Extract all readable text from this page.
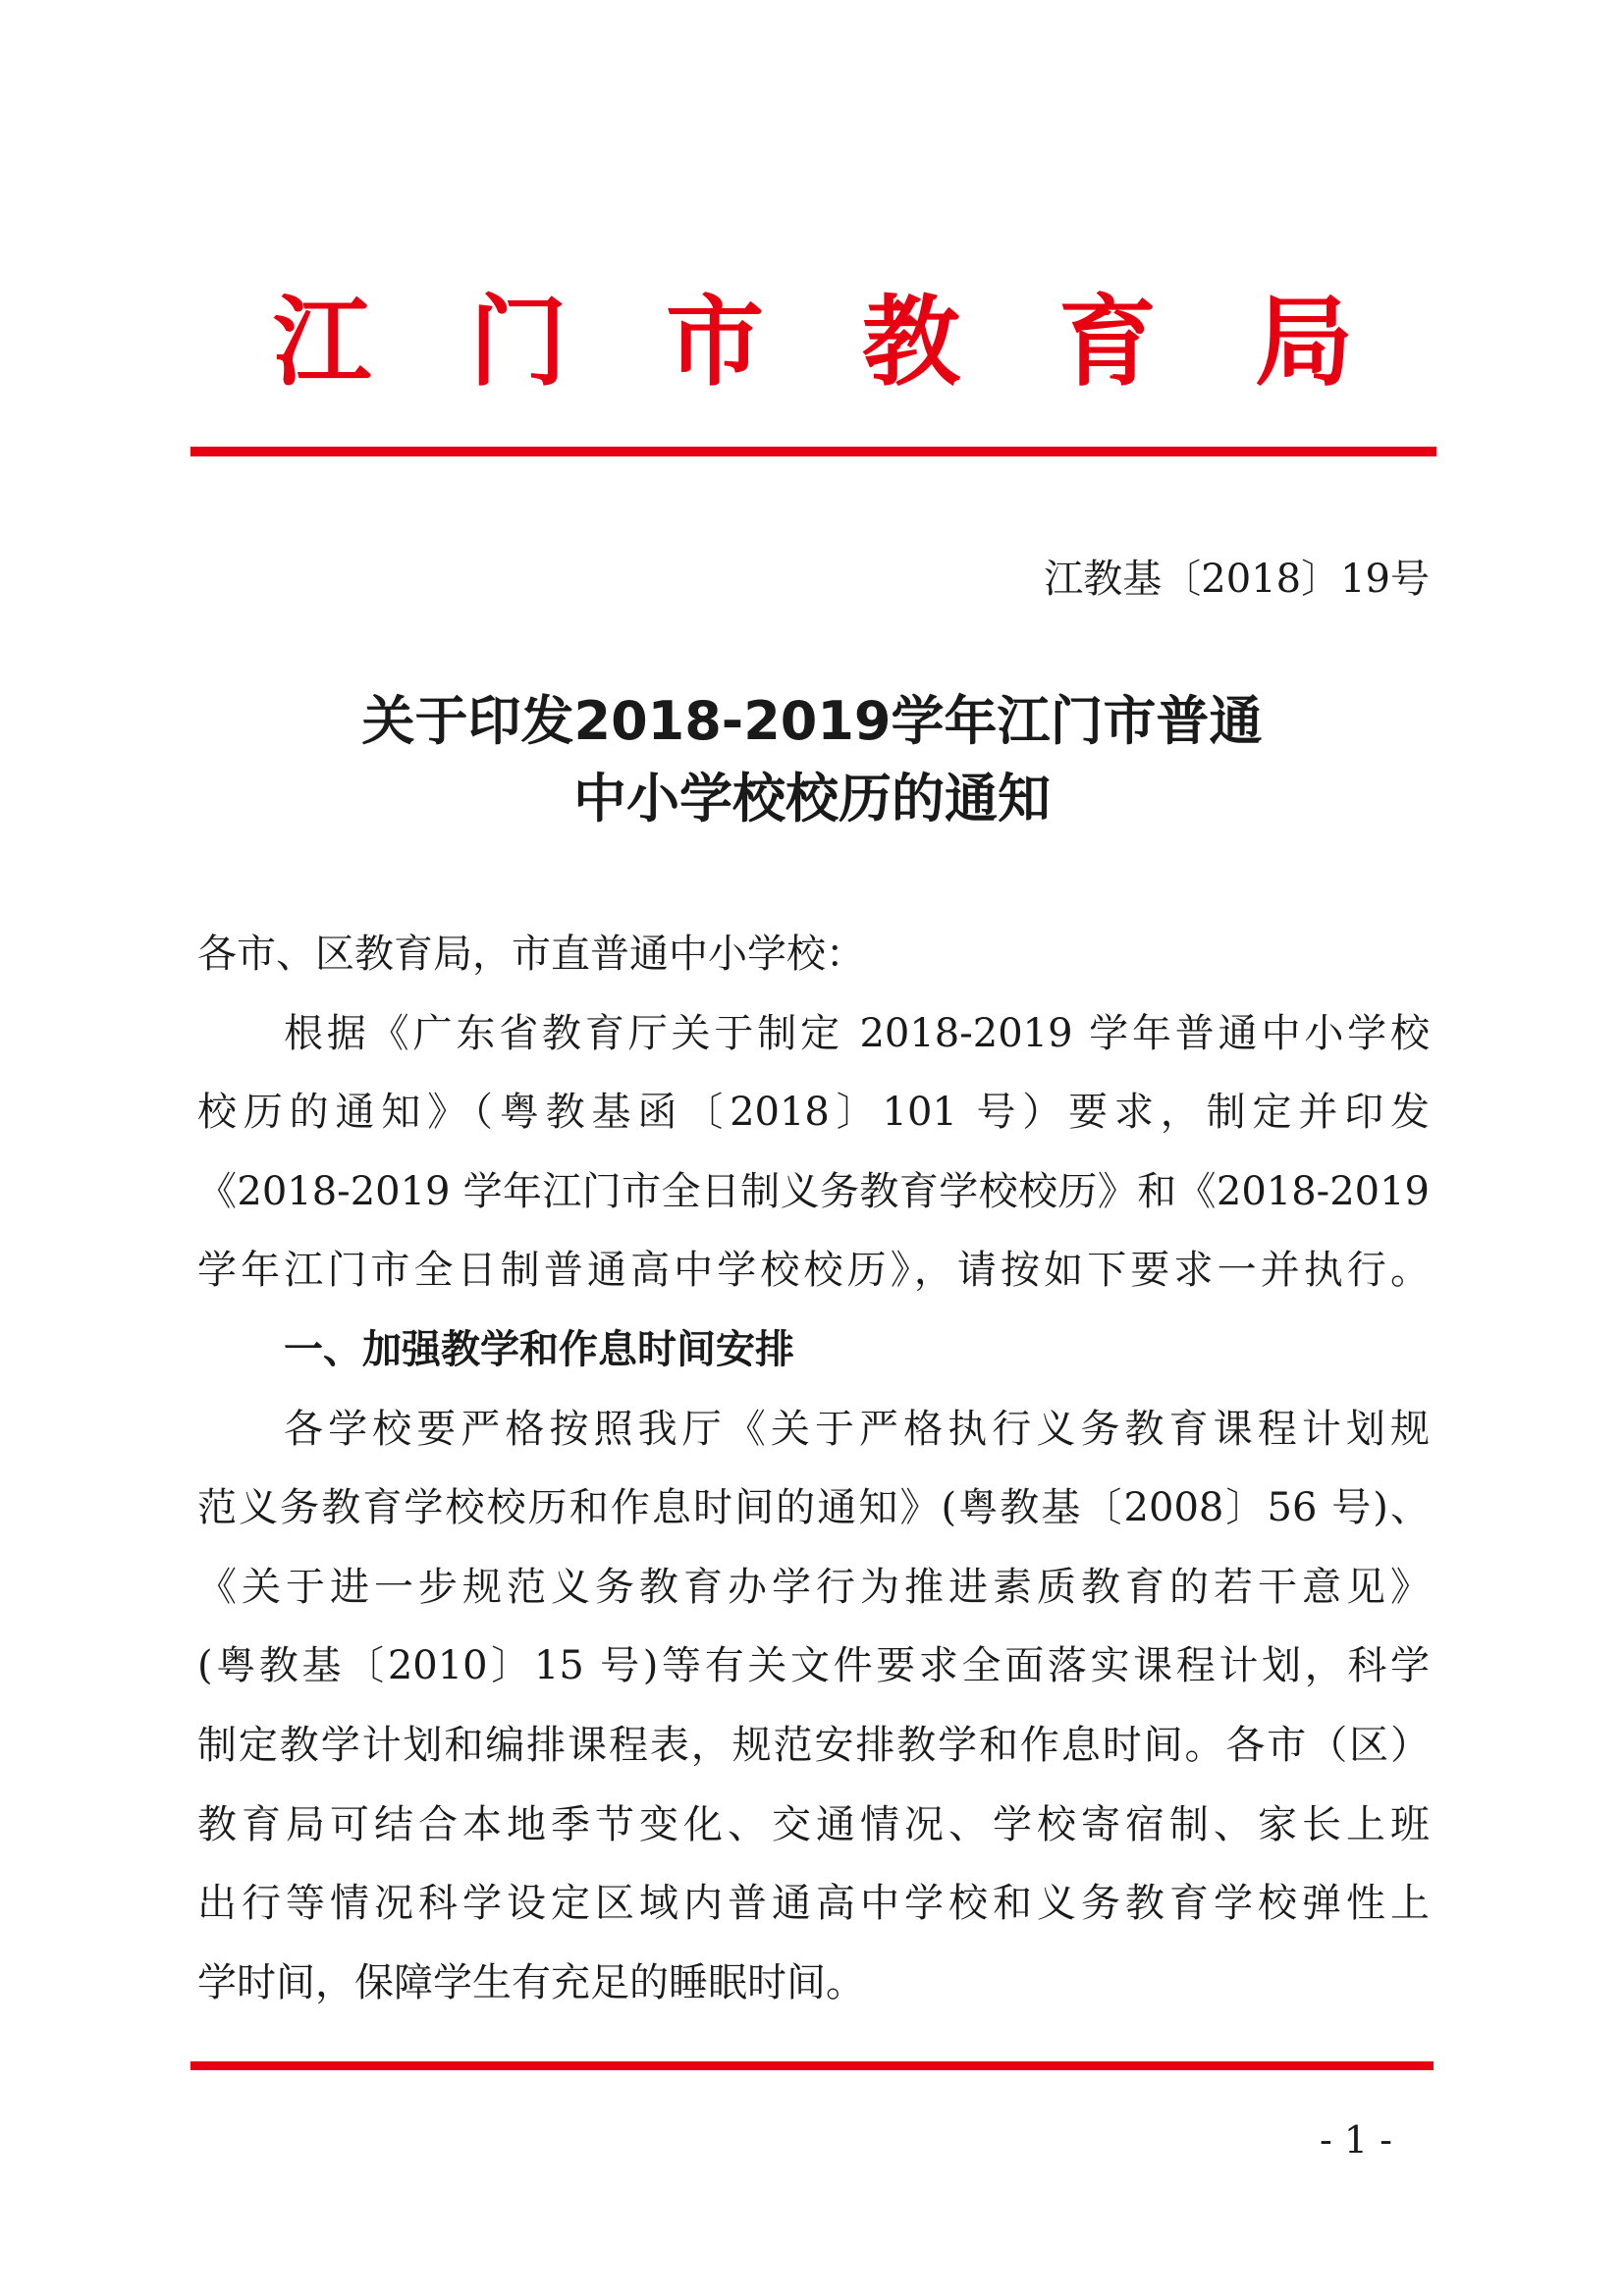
江门市教育局
江教基〔2018〕19号
关于印发2018-2019学年江门市普通
中小学校校历的通知
各市、区教育局，市直普通中小学校：
根据《广东省教育厅关于制定 2018-2019 学年普通中小学校
校历的通知》（粤教基函〔2018〕101 号）要求，制定并印发
《2018-2019 学年江门市全日制义务教育学校校历》和《2018-2019
学年江门市全日制普通高中学校校历》，请按如下要求一并执行。
一、加强教学和作息时间安排
各学校要严格按照我厅《关于严格执行义务教育课程计划规
范义务教育学校校历和作息时间的通知》(粤教基〔2008〕56 号)、
《关于进一步规范义务教育办学行为推进素质教育的若干意见》
(粤教基〔2010〕15 号)等有关文件要求全面落实课程计划，科学
制定教学计划和编排课程表，规范安排教学和作息时间。各市（区）
教育局可结合本地季节变化、交通情况、学校寄宿制、家长上班
出行等情况科学设定区域内普通高中学校和义务教育学校弹性上
学时间，保障学生有充足的睡眠时间。
- 1 -
